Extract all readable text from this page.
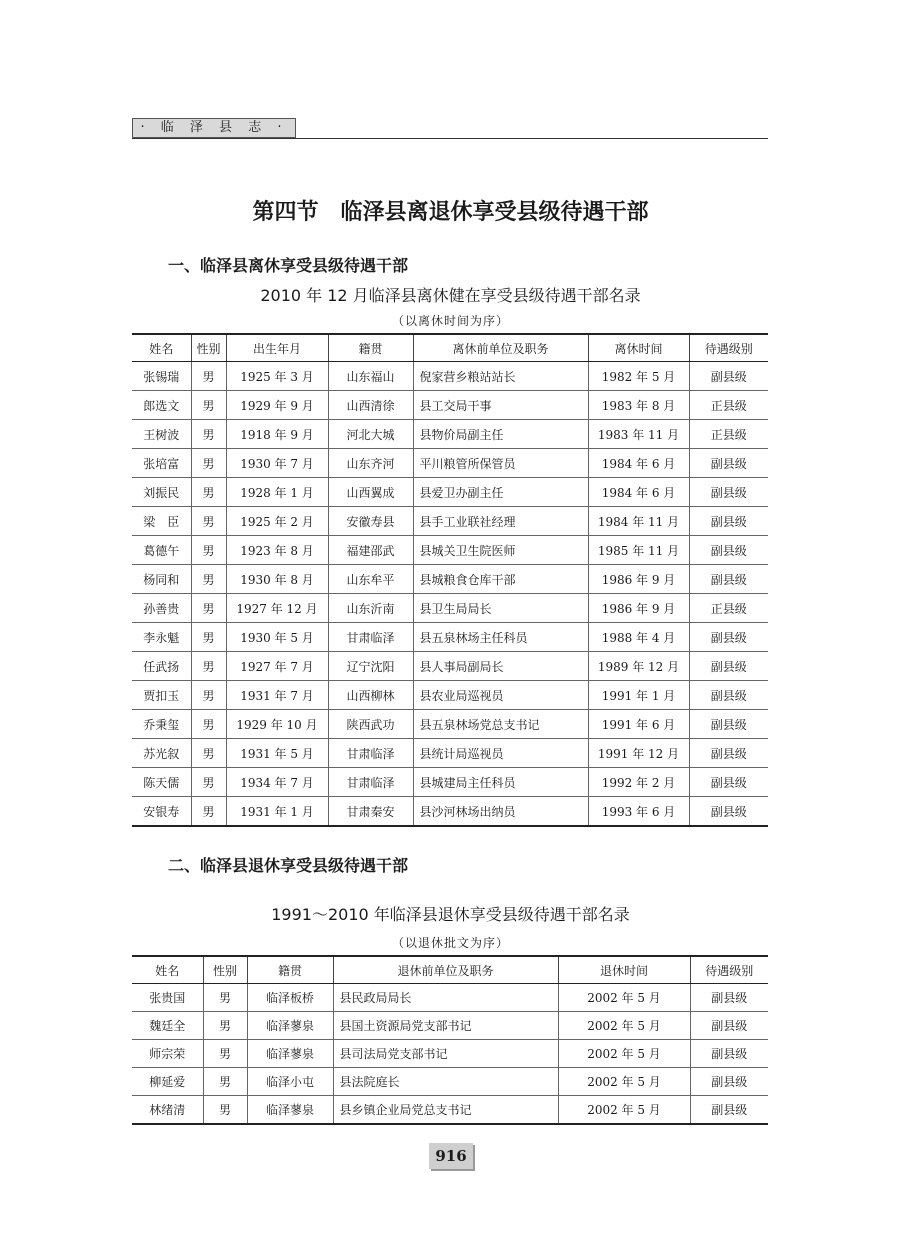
· 临 泽 县 志 ·
第四节　临泽县离退休享受县级待遇干部
一、临泽县离休享受县级待遇干部
2010 年 12 月临泽县离休健在享受县级待遇干部名录
（以离休时间为序）
姓名	性别	出生年月	籍贯	离休前单位及职务	离休时间	待遇级别
张锡瑞	男	1925 年 3 月	山东福山	倪家营乡粮站站长	1982 年 5 月	副县级
郎选文	男	1929 年 9 月	山西清徐	县工交局干事	1983 年 8 月	正县级
王树波	男	1918 年 9 月	河北大城	县物价局副主任	1983 年 11 月	正县级
张培富	男	1930 年 7 月	山东齐河	平川粮管所保管员	1984 年 6 月	副县级
刘振民	男	1928 年 1 月	山西翼成	县爱卫办副主任	1984 年 6 月	副县级
梁　臣	男	1925 年 2 月	安徽寿县	县手工业联社经理	1984 年 11 月	副县级
葛德午	男	1923 年 8 月	福建邵武	县城关卫生院医师	1985 年 11 月	副县级
杨同和	男	1930 年 8 月	山东牟平	县城粮食仓库干部	1986 年 9 月	副县级
孙善贵	男	1927 年 12 月	山东沂南	县卫生局局长	1986 年 9 月	正县级
李永魁	男	1930 年 5 月	甘肃临泽	县五泉林场主任科员	1988 年 4 月	副县级
任武扬	男	1927 年 7 月	辽宁沈阳	县人事局副局长	1989 年 12 月	副县级
贾扣玉	男	1931 年 7 月	山西柳林	县农业局巡视员	1991 年 1 月	副县级
乔秉玺	男	1929 年 10 月	陕西武功	县五泉林场党总支书记	1991 年 6 月	副县级
苏光叙	男	1931 年 5 月	甘肃临泽	县统计局巡视员	1991 年 12 月	副县级
陈天儒	男	1934 年 7 月	甘肃临泽	县城建局主任科员	1992 年 2 月	副县级
安银寿	男	1931 年 1 月	甘肃秦安	县沙河林场出纳员	1993 年 6 月	副县级
二、临泽县退休享受县级待遇干部
1991～2010 年临泽县退休享受县级待遇干部名录
（以退休批文为序）
姓名	性别	籍贯	退休前单位及职务	退休时间	待遇级别
张贵国	男	临泽板桥	县民政局局长	2002 年 5 月	副县级
魏廷全	男	临泽蓼泉	县国土资源局党支部书记	2002 年 5 月	副县级
师宗荣	男	临泽蓼泉	县司法局党支部书记	2002 年 5 月	副县级
柳延爱	男	临泽小屯	县法院庭长	2002 年 5 月	副县级
林绪清	男	临泽蓼泉	县乡镇企业局党总支书记	2002 年 5 月	副县级
916
